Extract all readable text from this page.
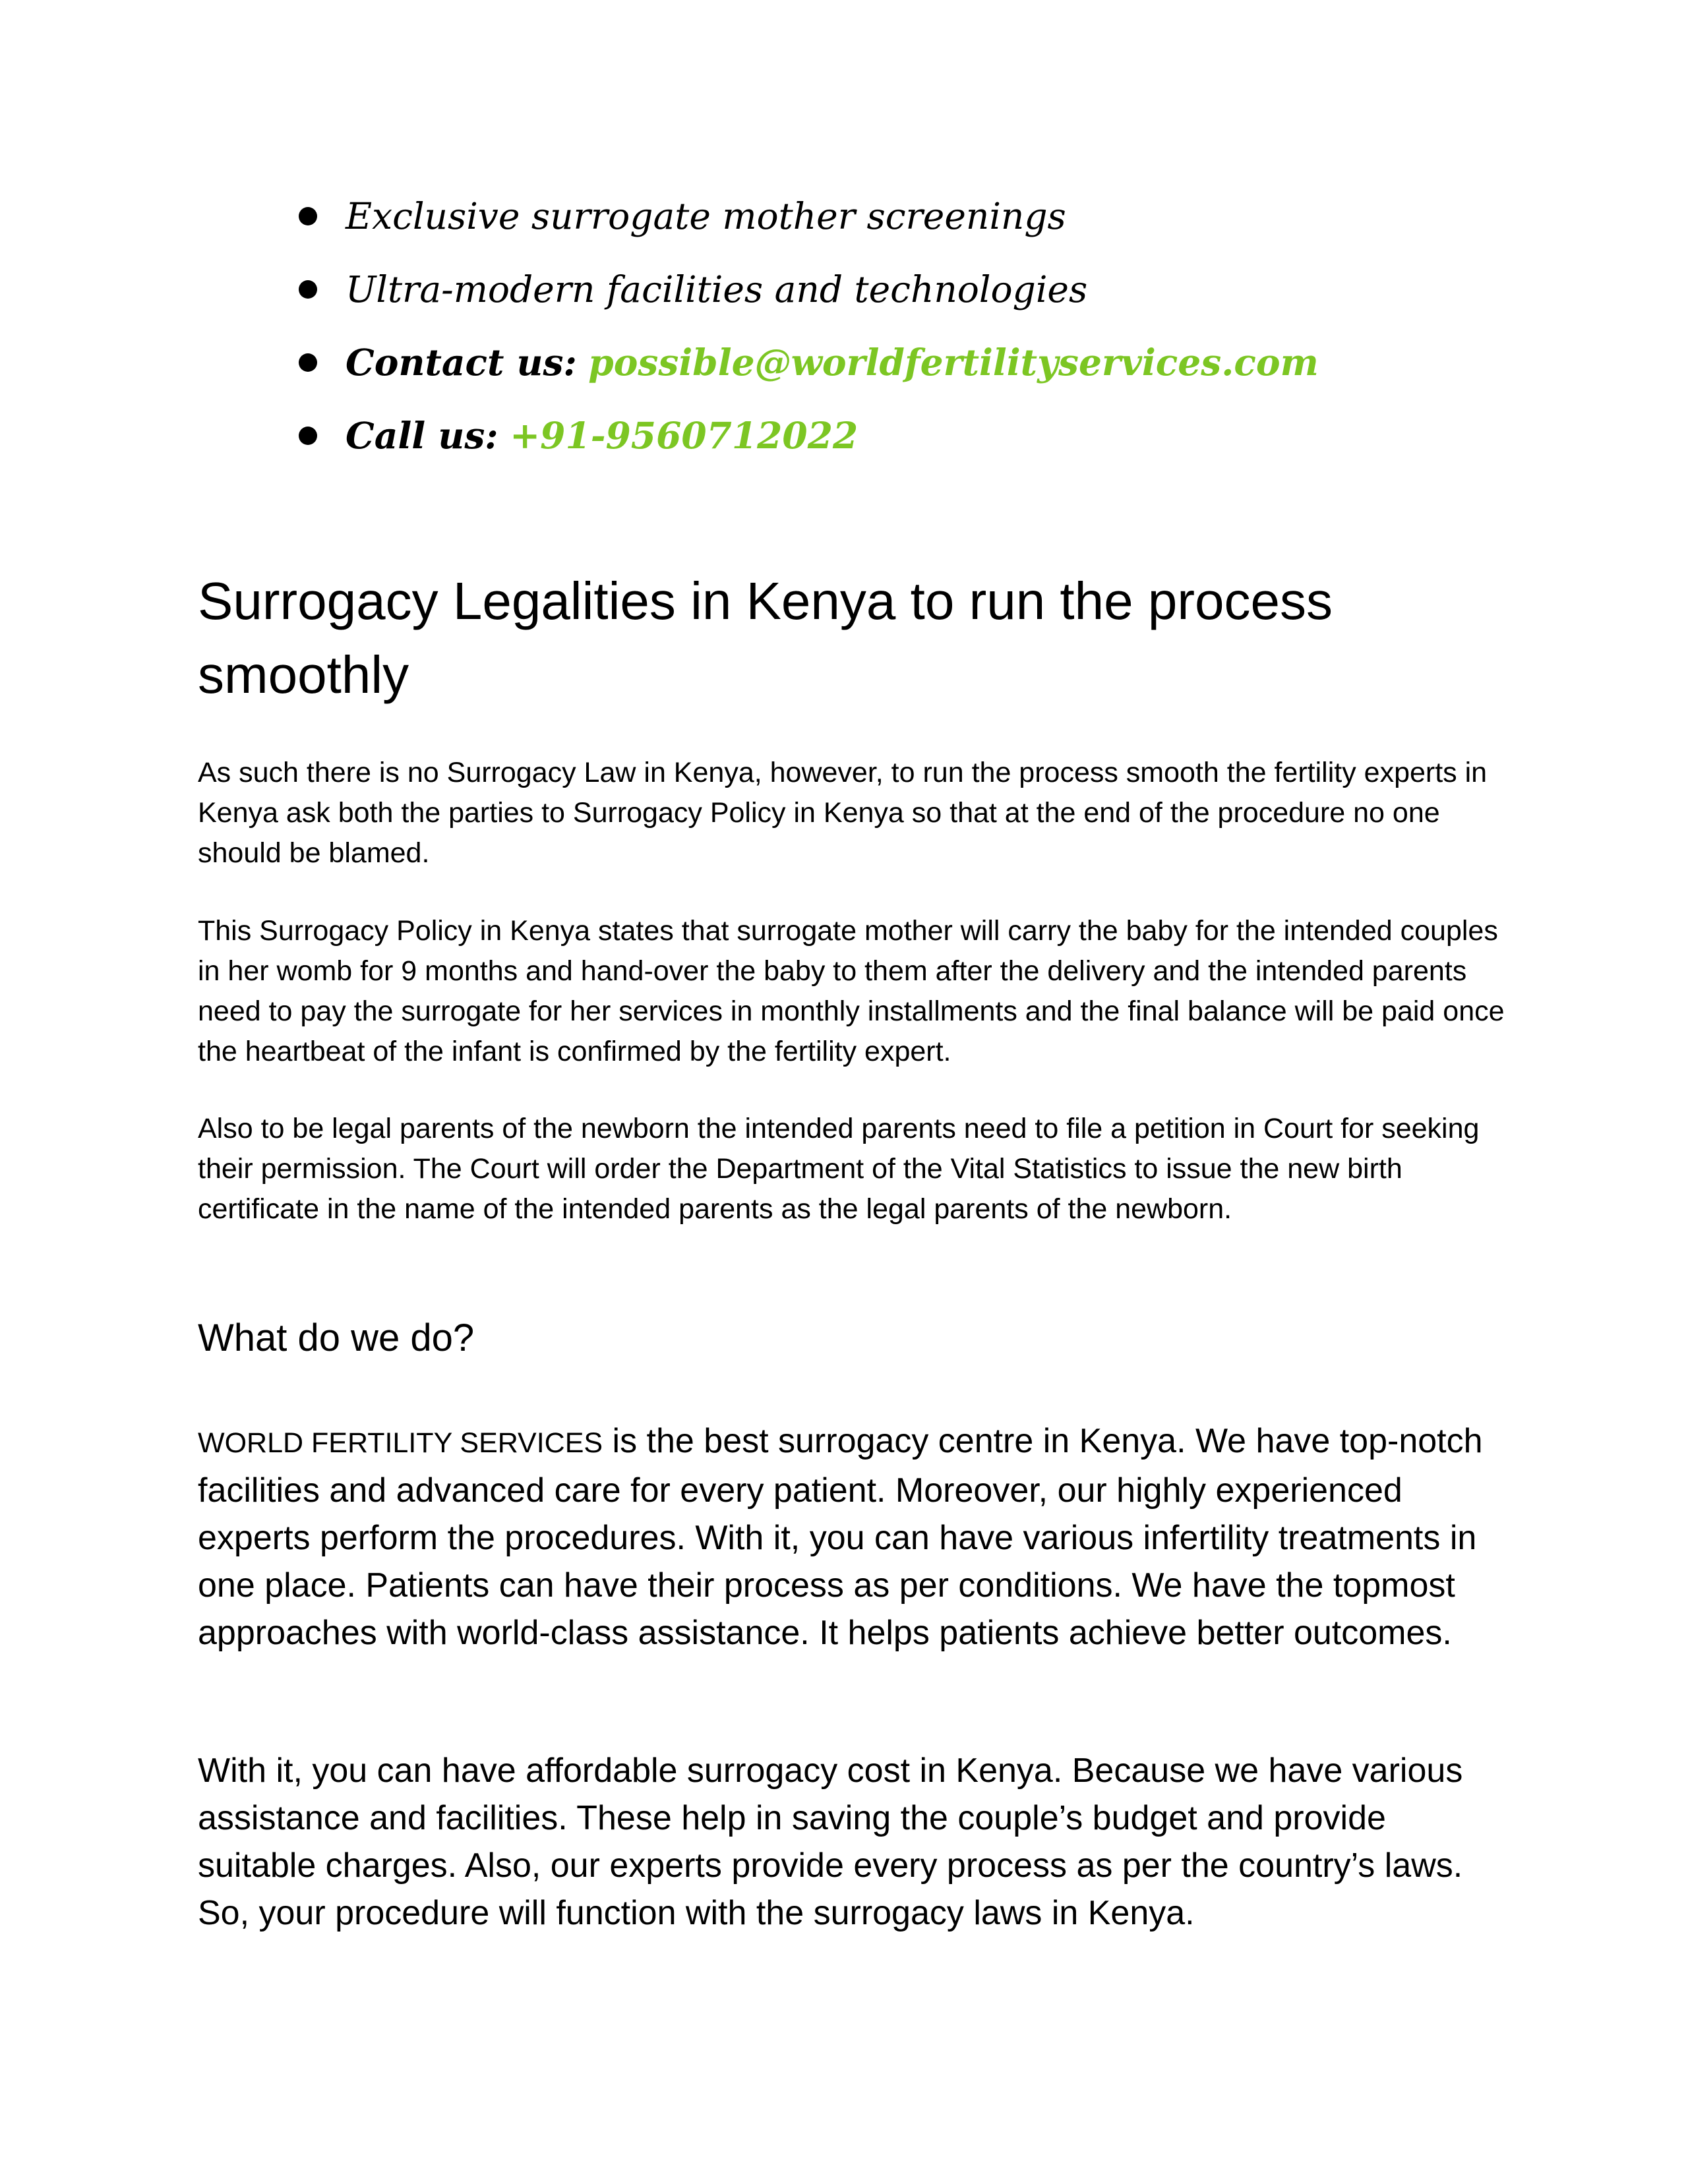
Exclusive surrogate mother screenings
Ultra-modern facilities and technologies
Contact us: possible@worldfertilityservices.com
Call us: +91-9560712022
Surrogacy Legalities in Kenya to run the process smoothly

As such there is no Surrogacy Law in Kenya, however, to run the process smooth the fertility experts in Kenya ask both the parties to Surrogacy Policy in Kenya so that at the end of the procedure no one should be blamed.

This Surrogacy Policy in Kenya states that surrogate mother will carry the baby for the intended couples in her womb for 9 months and hand-over the baby to them after the delivery and the intended parents need to pay the surrogate for her services in monthly installments and the final balance will be paid once the heartbeat of the infant is confirmed by the fertility expert.

Also to be legal parents of the newborn the intended parents need to file a petition in Court for seeking their permission. The Court will order the Department of the Vital Statistics to issue the new birth certificate in the name of the intended parents as the legal parents of the newborn.

What do we do?

WORLD FERTILITY SERVICES is the best surrogacy centre in Kenya. We have top-notch facilities and advanced care for every patient. Moreover, our highly experienced experts perform the procedures. With it, you can have various infertility treatments in one place. Patients can have their process as per conditions. We have the topmost approaches with world-class assistance. It helps patients achieve better outcomes.

With it, you can have affordable surrogacy cost in Kenya. Because we have various assistance and facilities. These help in saving the couple’s budget and provide suitable charges. Also, our experts provide every process as per the country’s laws. So, your procedure will function with the surrogacy laws in Kenya.
